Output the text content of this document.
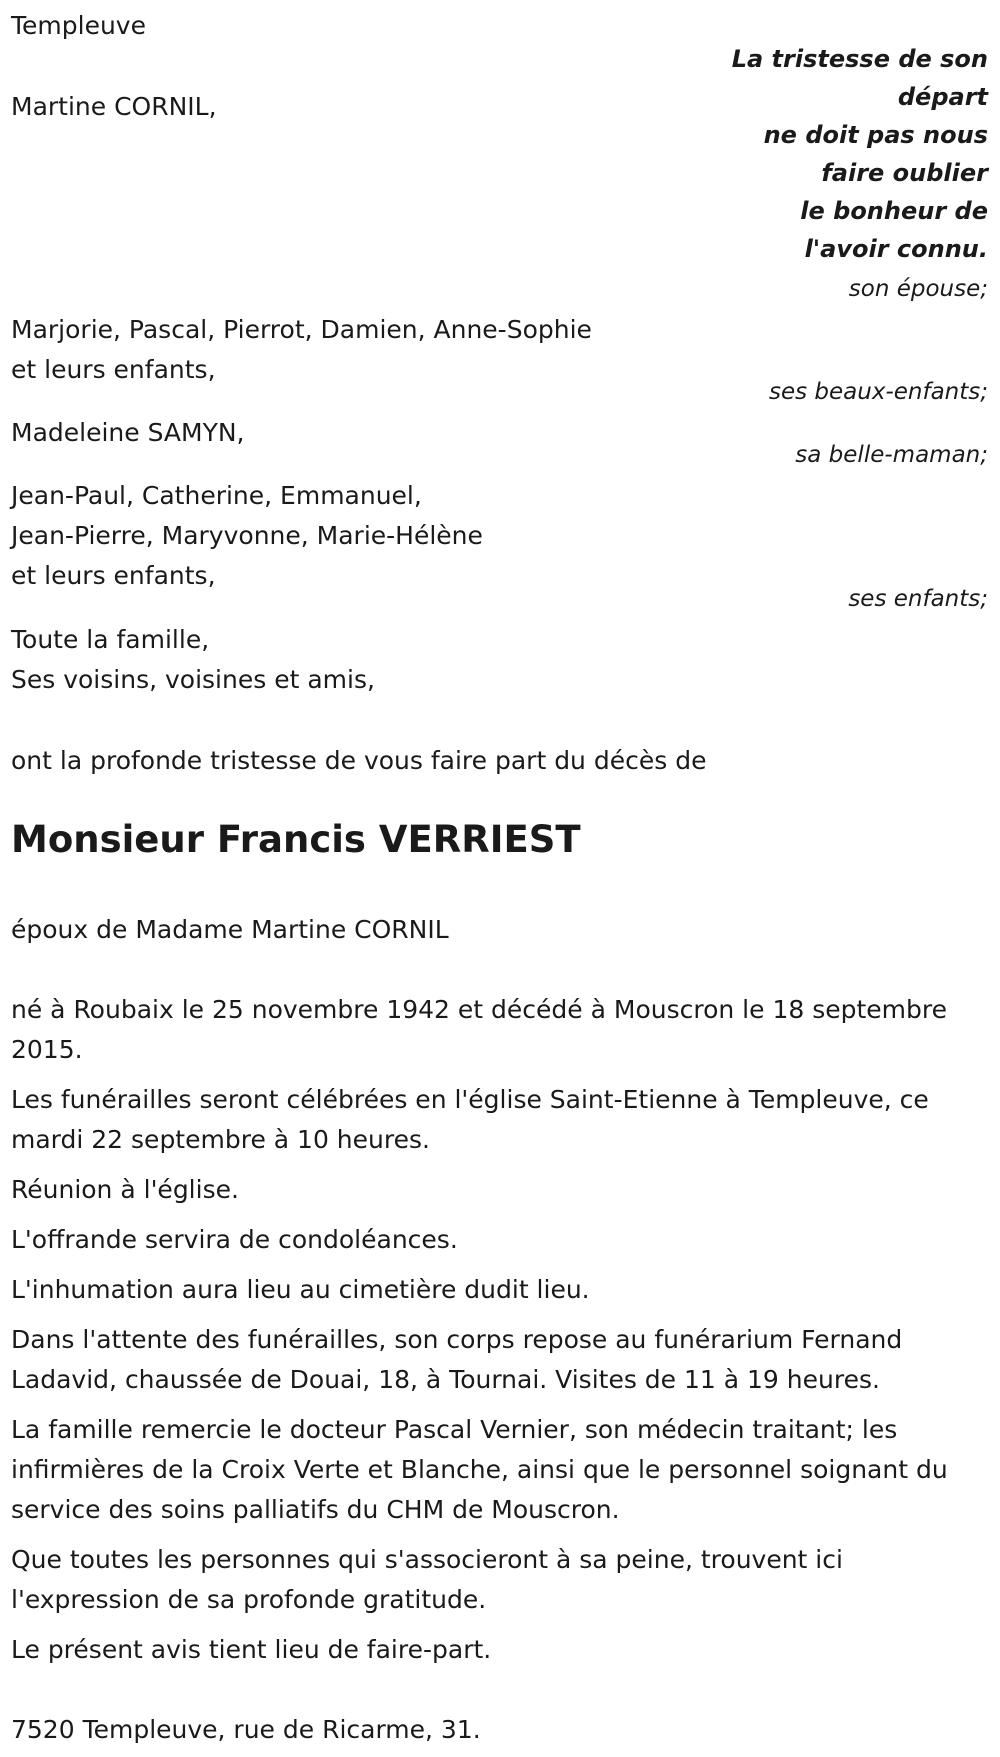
Templeuve
La tristesse de son
départ
ne doit pas nous
faire oublier
le bonheur de
l'avoir connu.
Martine CORNIL,
son épouse;
Marjorie, Pascal, Pierrot, Damien, Anne-Sophie
et leurs enfants,
ses beaux-enfants;
Madeleine SAMYN,
sa belle-maman;
Jean-Paul, Catherine, Emmanuel,
Jean-Pierre, Maryvonne, Marie-Hélène
et leurs enfants,
ses enfants;
Toute la famille,
Ses voisins, voisines et amis,
ont la profonde tristesse de vous faire part du décès de
Monsieur Francis VERRIEST
époux de Madame Martine CORNIL
né à Roubaix le 25 novembre 1942 et décédé à Mouscron le 18 septembre 2015.
Les funérailles seront célébrées en l'église Saint-Etienne à Templeuve, ce mardi 22 septembre à 10 heures.
Réunion à l'église.
L'offrande servira de condoléances.
L'inhumation aura lieu au cimetière dudit lieu.
Dans l'attente des funérailles, son corps repose au funérarium Fernand Ladavid, chaussée de Douai, 18, à Tournai. Visites de 11 à 19 heures.
La famille remercie le docteur Pascal Vernier, son médecin traitant; les infirmières de la Croix Verte et Blanche, ainsi que le personnel soignant du service des soins palliatifs du CHM de Mouscron.
Que toutes les personnes qui s'associeront à sa peine, trouvent ici l'expression de sa profonde gratitude.
Le présent avis tient lieu de faire-part.
7520 Templeuve, rue de Ricarme, 31.
